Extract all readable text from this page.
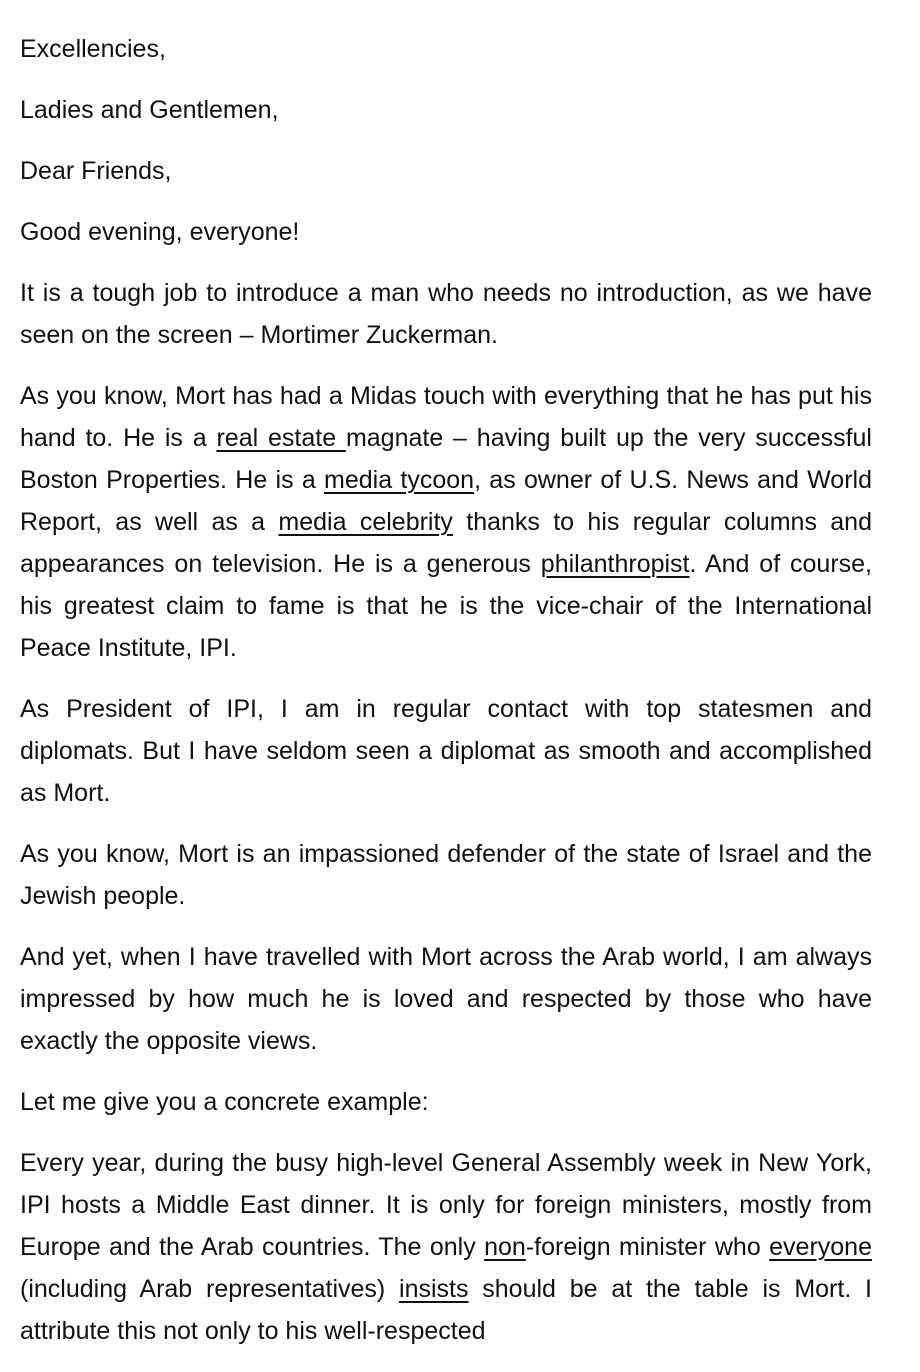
Excellencies,

Ladies and Gentlemen,

Dear Friends,

Good evening, everyone!

It is a tough job to introduce a man who needs no introduction, as we have seen on the screen – Mortimer Zuckerman.

As you know, Mort has had a Midas touch with everything that he has put his hand to. He is a real estate magnate – having built up the very successful Boston Properties. He is a media tycoon, as owner of U.S. News and World Report, as well as a media celebrity thanks to his regular columns and appearances on television. He is a generous philanthropist. And of course, his greatest claim to fame is that he is the vice-chair of the International Peace Institute, IPI.

As President of IPI, I am in regular contact with top statesmen and diplomats. But I have seldom seen a diplomat as smooth and accomplished as Mort.

As you know, Mort is an impassioned defender of the state of Israel and the Jewish people.

And yet, when I have travelled with Mort across the Arab world, I am always impressed by how much he is loved and respected by those who have exactly the opposite views.

Let me give you a concrete example:

Every year, during the busy high-level General Assembly week in New York, IPI hosts a Middle East dinner. It is only for foreign ministers, mostly from Europe and the Arab countries. The only non-foreign minister who everyone (including Arab representatives) insists should be at the table is Mort. I attribute this not only to his well-respected
